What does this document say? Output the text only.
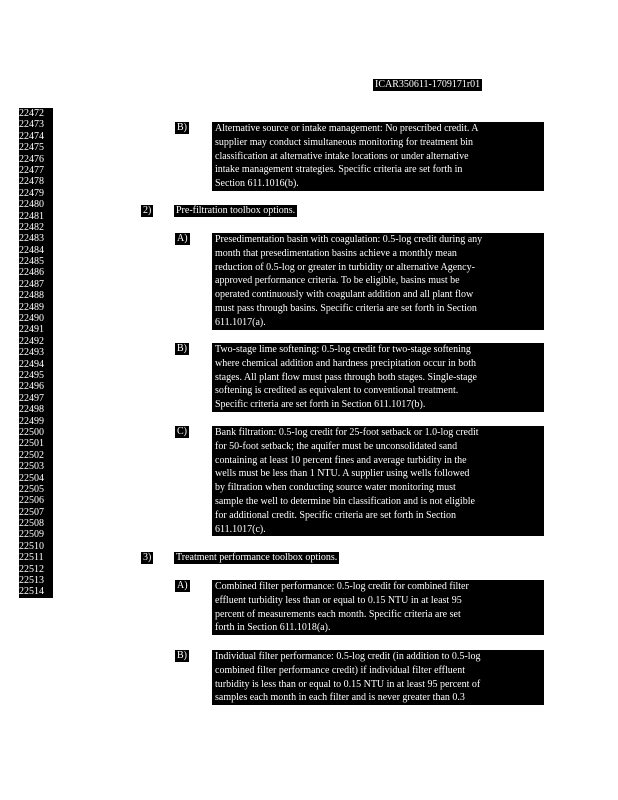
ICAR350611-1709171r01
22472
22473
22474
22475
22476
22477
22478
22479
22480
22481
22482
22483
22484
22485
22486
22487
22488
22489
22490
22491
22492
22493
22494
22495
22496
22497
22498
22499
22500
22501
22502
22503
22504
22505
22506
22507
22508
22509
22510
22511
22512
22513
22514
B)	Alternative source or intake management: No prescribed credit. A
supplier may conduct simultaneous monitoring for treatment bin
classification at alternative intake locations or under alternative
intake management strategies. Specific criteria are set forth in
Section 611.1016(b).
2) Pre-filtration toolbox options.
A)	Presedimentation basin with coagulation: 0.5-log credit during any
month that presedimentation basins achieve a monthly mean
reduction of 0.5-log or greater in turbidity or alternative Agency-
approved performance criteria. To be eligible, basins must be
operated continuously with coagulant addition and all plant flow
must pass through basins. Specific criteria are set forth in Section
611.1017(a).
B)	Two-stage lime softening: 0.5-log credit for two-stage softening
where chemical addition and hardness precipitation occur in both
stages. All plant flow must pass through both stages. Single-stage
softening is credited as equivalent to conventional treatment.
Specific criteria are set forth in Section 611.1017(b).
C)	Bank filtration: 0.5-log credit for 25-foot setback or 1.0-log credit
for 50-foot setback; the aquifer must be unconsolidated sand
containing at least 10 percent fines and average turbidity in the
wells must be less than 1 NTU. A supplier using wells followed
by filtration when conducting source water monitoring must
sample the well to determine bin classification and is not eligible
for additional credit. Specific criteria are set forth in Section
611.1017(c).
3) Treatment performance toolbox options.
A)	Combined filter performance: 0.5-log credit for combined filter
effluent turbidity less than or equal to 0.15 NTU in at least 95
percent of measurements each month. Specific criteria are set
forth in Section 611.1018(a).
B)	Individual filter performance: 0.5-log credit (in addition to 0.5-log
combined filter performance credit) if individual filter effluent
turbidity is less than or equal to 0.15 NTU in at least 95 percent of
samples each month in each filter and is never greater than 0.3
